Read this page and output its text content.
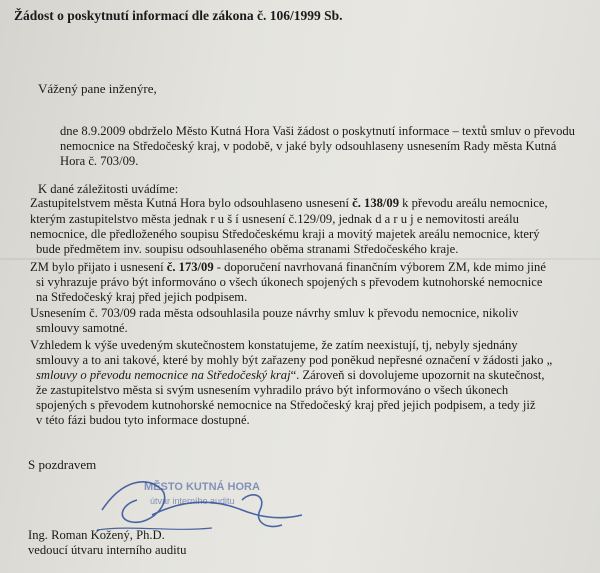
Žádost o poskytnutí informací dle zákona č. 106/1999 Sb.
Vážený pane inženýre,
dne 8.9.2009 obdrželo Město Kutná Hora Vaši žádost o poskytnutí informace – textů smluv o převodu
nemocnice na Středočeský kraj, v podobě, v jaké byly odsouhlaseny usnesením Rady města Kutná
Hora č. 703/09.
K dané záležitosti uvádíme:
Zastupitelstvem města Kutná Hora bylo odsouhlaseno usnesení č. 138/09 k převodu areálu nemocnice,
kterým zastupitelstvo města jednak r u š í usnesení č.129/09, jednak d a r u j e nemovitosti areálu
nemocnice, dle předloženého soupisu Středočeskému kraji a movitý majetek areálu nemocnice, který
bude předmětem inv. soupisu odsouhlaseného oběma stranami Středočeského kraje.
ZM bylo přijato i usnesení č. 173/09 - doporučení navrhovaná finančním výborem ZM, kde mimo jiné
si vyhrazuje právo být informováno o všech úkonech spojených s převodem kutnohorské nemocnice
na Středočeský kraj před jejich podpisem.
Usnesením č. 703/09 rada města odsouhlasila pouze návrhy smluv k převodu nemocnice, nikoliv
smlouvy samotné.
Vzhledem k výše uvedeným skutečnostem konstatujeme, že zatím neexistují, tj, nebyly sjednány
smlouvy a to ani takové, které by mohly být zařazeny pod poněkud nepřesné označení v žádosti jako „
smlouvy o převodu nemocnice na Středočeský kraj“. Zároveň si dovolujeme upozornit na skutečnost,
že zastupitelstvo města si svým usnesením vyhradilo právo být informováno o všech úkonech
spojených s převodem kutnohorské nemocnice na Středočeský kraj před jejich podpisem, a tedy již
v této fázi budou tyto informace dostupné.
S pozdravem
MĚSTO KUTNÁ HORA
útvar interního auditu
Ing. Roman Kožený, Ph.D.
vedoucí útvaru interního auditu
